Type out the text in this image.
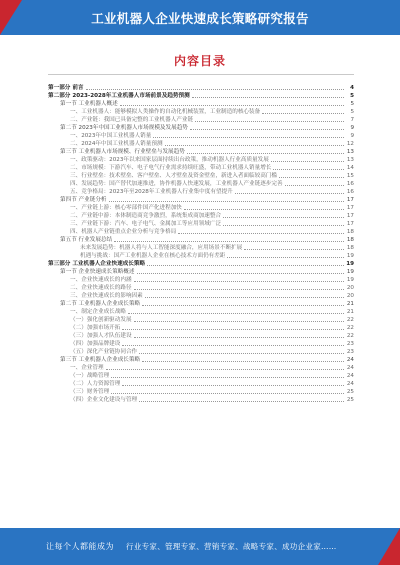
工业机器人企业快速成长策略研究报告
内容目录
第一部分 前言	4
第二部分 2023-2028年工业机器人市场前景及趋势预测	5
第一节 工业机器人概述	5
一、工业机器人：能够模拟人类操作的自动化机械装置，工业制造的核心装备	5
二、产业链：我国已具备完整的工业机器人产业链	7
第二节 2023年中国工业机器人市场规模及发展趋势	9
一、2023年中国工业机器人销量	9
二、2024年中国工业机器人销量预测	12
第三节 工业机器人市场规模、行业壁垒与发展趋势	13
一、政策驱动：2023年以来国家层面持续出台政策，推动机器人行业高质量发展	13
二、市场规模：下游汽车、电子电气行业需求持续旺盛，带动工业机器人销量增长	14
三、行业壁垒：技术壁垒、客户壁垒、人才壁垒及资金壁垒，新进入者面临较高门槛	15
四、发展趋势：国产替代加速推进，协作机器人快速发展，工业机器人产业链逐步完善	16
五、竞争格局：2023年至2028年工业机器人行业集中度有望提升	16
第四节 产业链分析	17
一、产业链上游：核心零部件国产化进程加快	17
二、产业链中游：本体制造商竞争激烈，系统集成商加速整合	17
三、产业链下游：汽车、电子电气、金属加工等应用领域广泛	17
四、机器人产业链重点企业分析与竞争格局	18
第五节 行业发展总结	18
未来发展趋势：机器人将与人工智能深度融合，应用场景不断扩展	18
机遇与挑战：国产工业机器人企业在核心技术方面仍有差距	19
第三部分 工业机器人企业快速成长策略	19
第一节 企业快速成长策略概述	19
一、企业快速成长的内涵	19
二、企业快速成长的路径	20
三、企业快速成长的影响因素	20
第二节 工业机器人企业成长策略	21
一、制定企业成长战略	21
（一）强化创新驱动发展	22
（二）加强市场开拓	22
（三）加强人才队伍建设	22
（四）加强品牌建设	23
（五）深化产业链协同合作	23
第三节 工业机器人企业成长策略	24
一、企业管理	24
（一）战略管理	24
（二）人力资源管理	24
（三）财务管理	25
（四）企业文化建设与管理	25
让每个人都能成为 行业专家、管理专家、营销专家、战略专家、成功企业家……
